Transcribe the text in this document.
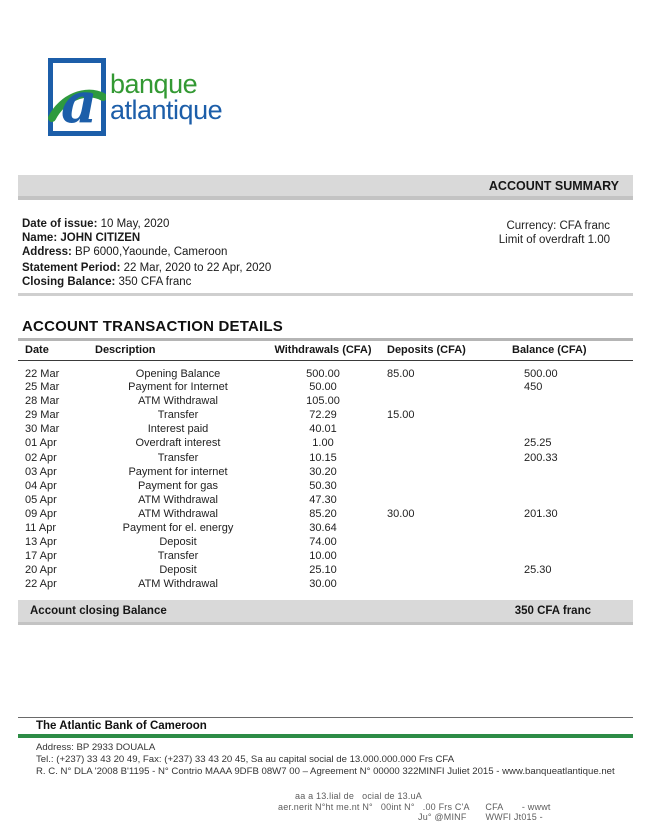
a banque
atlantique
ACCOUNT SUMMARY
Date of issue: 10 May, 2020
Name: JOHN CITIZEN
Address: BP 6000,Yaounde, Cameroon
Statement Period: 22 Mar, 2020 to 22 Apr, 2020
Closing Balance: 350 CFA franc
Currency: CFA franc
Limit of overdraft 1.00
ACCOUNT TRANSACTION DETAILS
Date	Description	Withdrawals (CFA)	Deposits (CFA)	Balance (CFA)
22 Mar	Opening Balance	500.00	85.00	500.00
25 Mar	Payment for Internet	50.00		450
28 Mar	ATM Withdrawal	105.00		
29 Mar	Transfer	72.29	15.00	
30 Mar	Interest paid	40.01		
01 Apr	Overdraft interest	1.00		25.25
02 Apr	Transfer	10.15		200.33
03 Apr	Payment for internet	30.20		
04 Apr	Payment for gas	50.30		
05 Apr	ATM Withdrawal	47.30		
09 Apr	ATM Withdrawal	85.20	30.00	201.30
11 Apr	Payment for el. energy	30.64		
13 Apr	Deposit	74.00		
17 Apr	Transfer	10.00		
20 Apr	Deposit	25.10		25.30
22 Apr	ATM Withdrawal	30.00		
Account closing Balance	350 CFA franc
The Atlantic Bank of Cameroon
Address: BP 2933 DOUALA
Tel.: (+237) 33 43 20 49, Fax: (+237) 33 43 20 45, Sa au capital social de 13.000.000.000 Frs CFA
R. C. N° DLA '2008 B'1195 - N° Contrio MAAA 9DFB 08W7 00 – Agreement N° 00000 322MINFI Juliet 2015 - www.banqueatlantique.net
aa a 13.lial de   ocial de 13.uA
aer.nerit N°ht me.nt N°   00int N°   .00 Frs C'A      CFA       - wwwt
Ju° @MINF       WWFI Jt015 -
